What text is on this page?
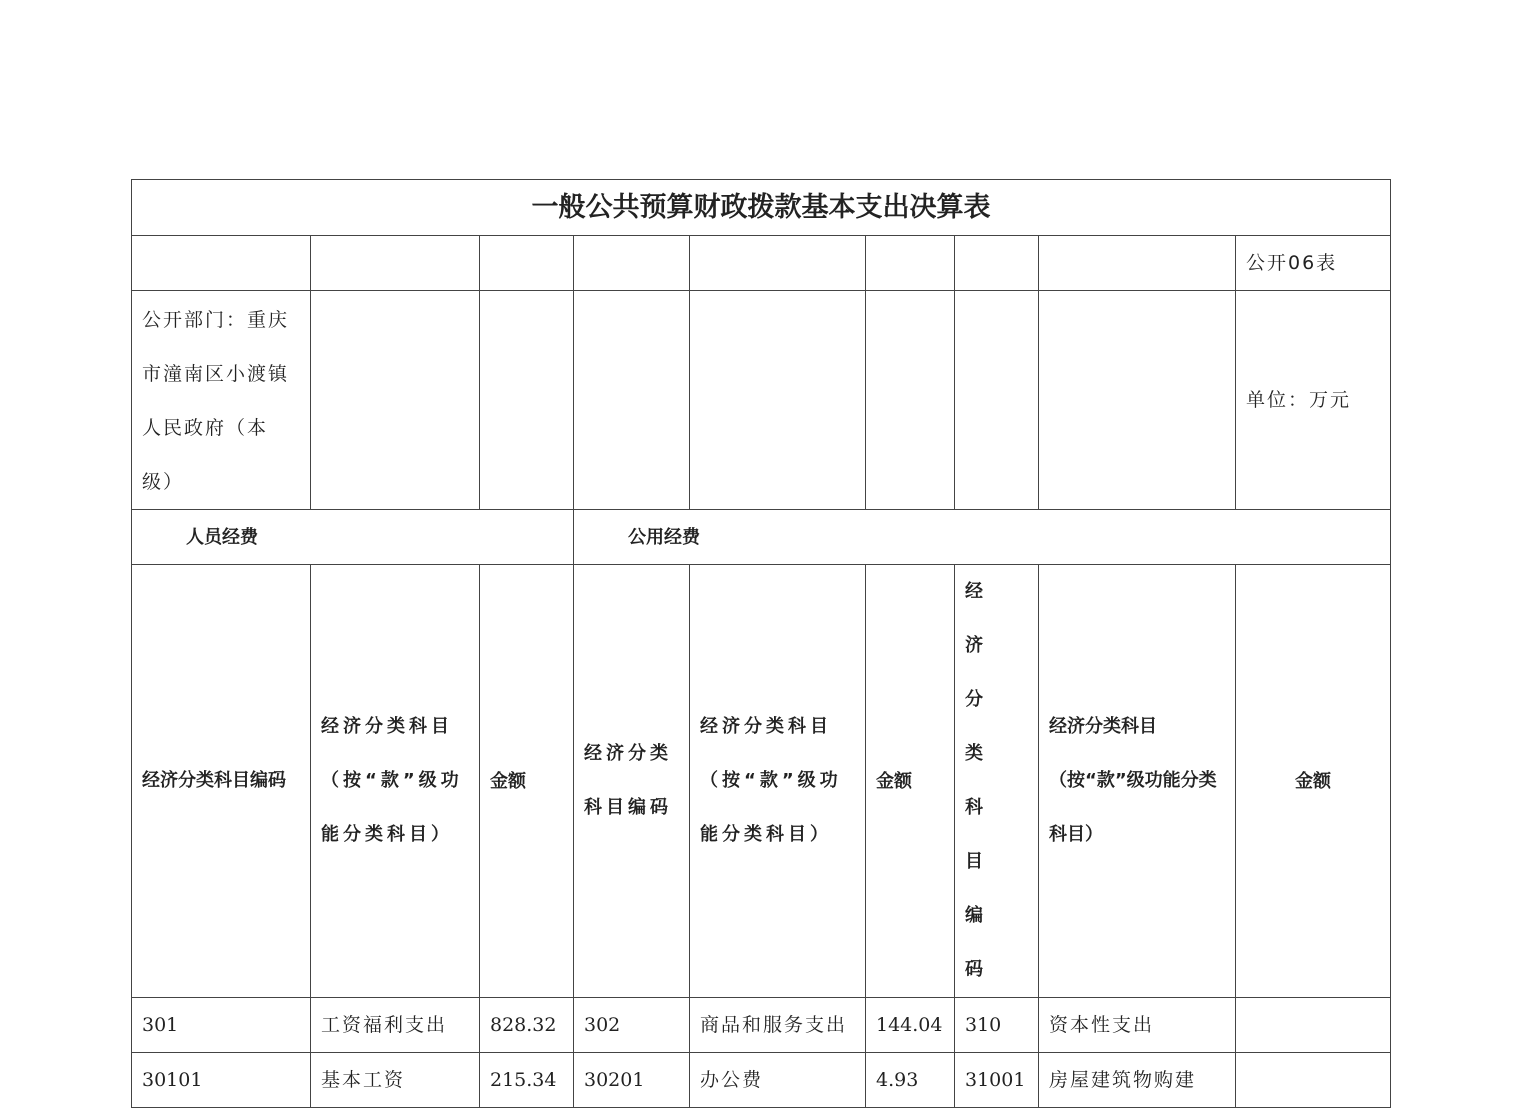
一般公共预算财政拨款基本支出决算表								
								公开06表
公开部门：重庆市潼南区小渡镇人民政府（本级）								单位：万元
人员经费			公用经费					
经济分类科目编码	经济分类科目（按“款”级功能分类科目）	金额	经济分类科目编码	经济分类科目（按“款”级功能分类科目）	金额	经济分类科目编码	经济分类科目（按“款”级功能分类科目）	金额
301	工资福利支出	828.32	302	商品和服务支出	144.04	310	资本性支出	
30101	基本工资	215.34	30201	办公费	4.93	31001	房屋建筑物购建	
